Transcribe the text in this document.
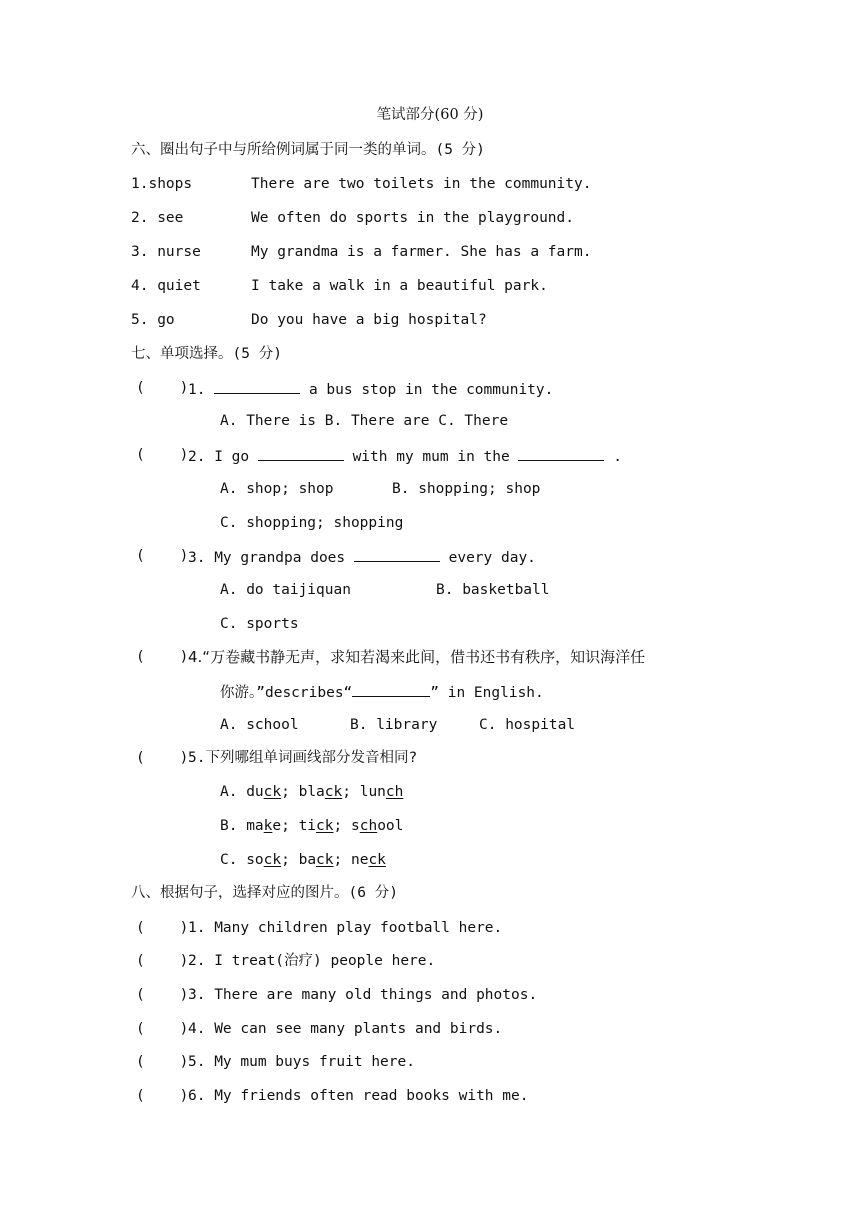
笔试部分(60 分)
六、圈出句子中与所给例词属于同一类的单词。(5 分)
1.shops	There are two toilets in the community.
2. see	We often do sports in the playground.
3. nurse	My grandma is a farmer. She has a farm.
4. quiet	I take a walk in a beautiful park.
5. go	Do you have a big hospital?
七、单项选择。(5 分)
(    ) 1.	a bus stop in the community.
A. There is B. There are C. There
(    ) 2. I go	with my mum in the	.
A. shop; shop	B. shopping; shop
C. shopping; shopping
(    ) 3. My grandpa does	every day.
A. do taijiquan	B. basketball
C. sports
(    ) 4.“万卷藏书静无声，求知若渴来此间，借书还书有秩序，知识海洋任
你游。”describes“	” in English.
A. school	B. library	C. hospital
(    ) 5.下列哪组单词画线部分发音相同?
A. duck; black; lunch
B. make; tick; school
C. sock; back; neck
八、根据句子，选择对应的图片。(6 分)
(    ) 1. Many children play football here.
(    ) 2. I treat(治疗) people here.
(    ) 3. There are many old things and photos.
(    ) 4. We can see many plants and birds.
(    ) 5. My mum buys fruit here.
(    ) 6. My friends often read books with me.
